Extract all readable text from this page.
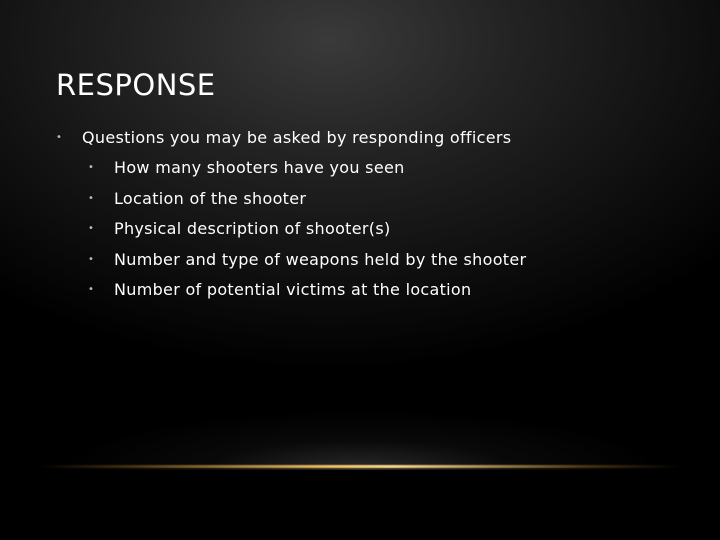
RESPONSE
• Questions you may be asked by responding officers
• How many shooters have you seen
• Location of the shooter
• Physical description of shooter(s)
• Number and type of weapons held by the shooter
• Number of potential victims at the location
